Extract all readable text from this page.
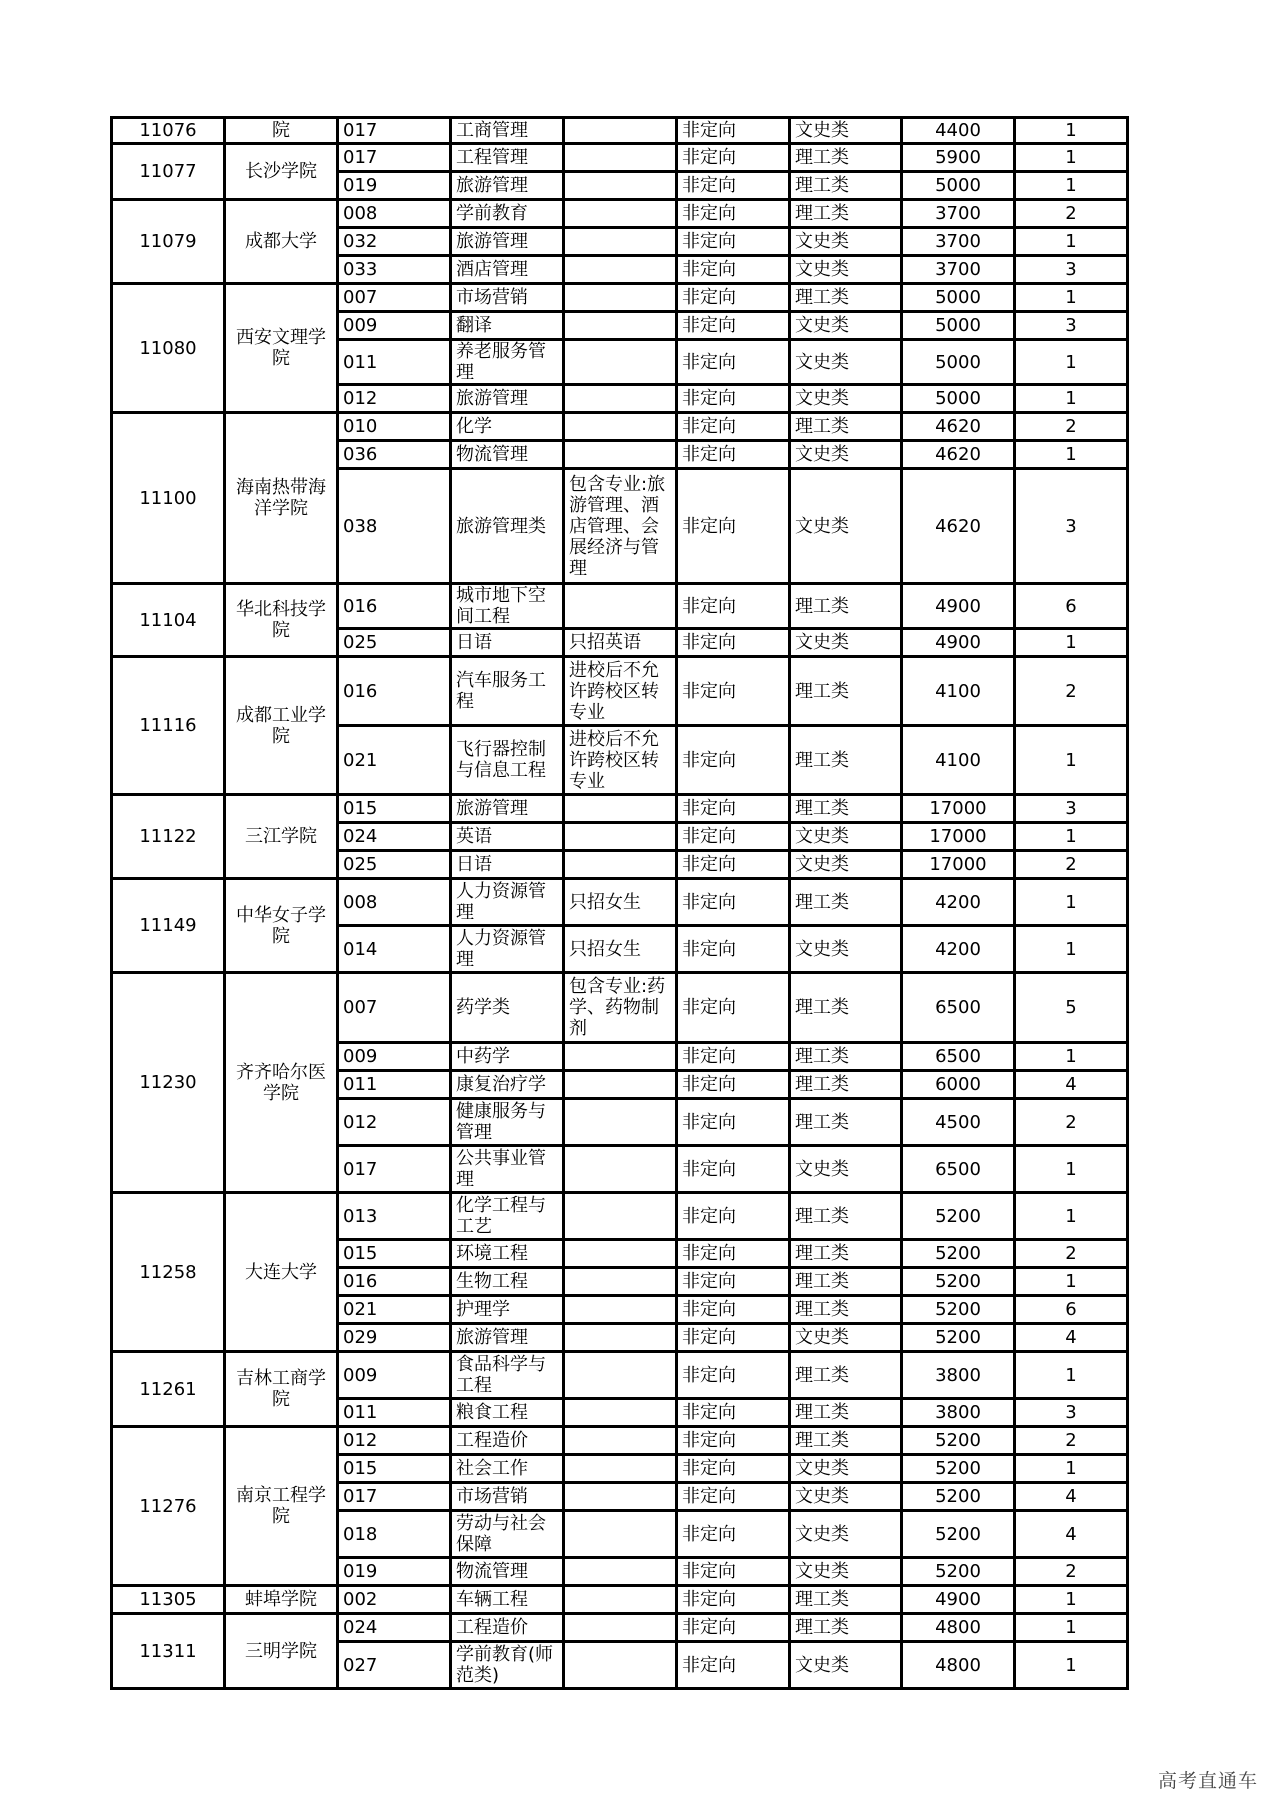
11076	院	017	工商管理		非定向	文史类	4400	1
11077	长沙学院	017	工程管理		非定向	理工类	5900	1
		019	旅游管理		非定向	理工类	5000	1
11079	成都大学	008	学前教育		非定向	理工类	3700	2
		032	旅游管理		非定向	文史类	3700	1
		033	酒店管理		非定向	文史类	3700	3
11080	西安文理学院	007	市场营销		非定向	理工类	5000	1
		009	翻译		非定向	文史类	5000	3
		011	养老服务管理		非定向	文史类	5000	1
		012	旅游管理		非定向	文史类	5000	1
11100	海南热带海洋学院	010	化学		非定向	理工类	4620	2
		036	物流管理		非定向	文史类	4620	1
		038	旅游管理类	包含专业:旅游管理、酒店管理、会展经济与管理	非定向	文史类	4620	3
11104	华北科技学院	016	城市地下空间工程		非定向	理工类	4900	6
		025	日语	只招英语	非定向	文史类	4900	1
11116	成都工业学院	016	汽车服务工程	进校后不允许跨校区转专业	非定向	理工类	4100	2
		021	飞行器控制与信息工程	进校后不允许跨校区转专业	非定向	理工类	4100	1
11122	三江学院	015	旅游管理		非定向	理工类	17000	3
		024	英语		非定向	文史类	17000	1
		025	日语		非定向	文史类	17000	2
11149	中华女子学院	008	人力资源管理	只招女生	非定向	理工类	4200	1
		014	人力资源管理	只招女生	非定向	文史类	4200	1
11230	齐齐哈尔医学院	007	药学类	包含专业:药学、药物制剂	非定向	理工类	6500	5
		009	中药学		非定向	理工类	6500	1
		011	康复治疗学		非定向	理工类	6000	4
		012	健康服务与管理		非定向	理工类	4500	2
		017	公共事业管理		非定向	文史类	6500	1
11258	大连大学	013	化学工程与工艺		非定向	理工类	5200	1
		015	环境工程		非定向	理工类	5200	2
		016	生物工程		非定向	理工类	5200	1
		021	护理学		非定向	理工类	5200	6
		029	旅游管理		非定向	文史类	5200	4
11261	吉林工商学院	009	食品科学与工程		非定向	理工类	3800	1
		011	粮食工程		非定向	理工类	3800	3
11276	南京工程学院	012	工程造价		非定向	理工类	5200	2
		015	社会工作		非定向	文史类	5200	1
		017	市场营销		非定向	文史类	5200	4
		018	劳动与社会保障		非定向	文史类	5200	4
		019	物流管理		非定向	文史类	5200	2
11305	蚌埠学院	002	车辆工程		非定向	理工类	4900	1
11311	三明学院	024	工程造价		非定向	理工类	4800	1
		027	学前教育(师范类)		非定向	文史类	4800	1
高考直通车
